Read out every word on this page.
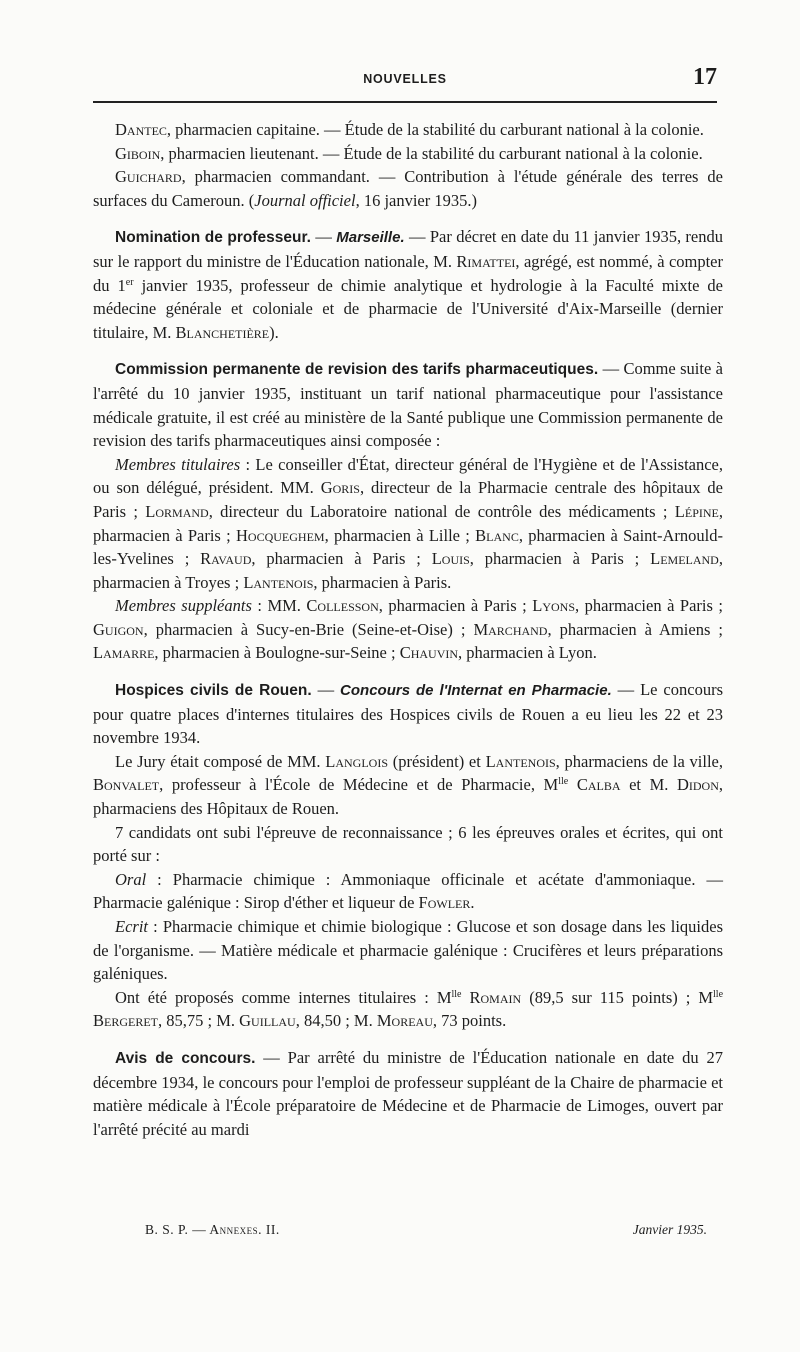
NOUVELLES	17

Dantec, pharmacien capitaine. — Étude de la stabilité du carburant national à la colonie.

Giboin, pharmacien lieutenant. — Étude de la stabilité du carburant national à la colonie.

Guichard, pharmacien commandant. — Contribution à l'étude générale des terres de surfaces du Cameroun. (Journal officiel, 16 janvier 1935.)

Nomination de professeur. — Marseille. — Par décret en date du 11 janvier 1935, rendu sur le rapport du ministre de l'Éducation nationale, M. Rimattei, agrégé, est nommé, à compter du 1er janvier 1935, professeur de chimie analytique et hydrologie à la Faculté mixte de médecine générale et coloniale et de pharmacie de l'Université d'Aix-Marseille (dernier titulaire, M. Blanchetière).

Commission permanente de revision des tarifs pharmaceutiques. — Comme suite à l'arrêté du 10 janvier 1935, instituant un tarif national pharmaceutique pour l'assistance médicale gratuite, il est créé au ministère de la Santé publique une Commission permanente de revision des tarifs pharmaceutiques ainsi composée :

Membres titulaires : Le conseiller d'État, directeur général de l'Hygiène et de l'Assistance, ou son délégué, président. MM. Goris, directeur de la Pharmacie centrale des hôpitaux de Paris ; Lormand, directeur du Laboratoire national de contrôle des médicaments ; Lépine, pharmacien à Paris ; Hocqueghem, pharmacien à Lille ; Blanc, pharmacien à Saint-Arnould-les-Yvelines ; Ravaud, pharmacien à Paris ; Louis, pharmacien à Paris ; Lemeland, pharmacien à Troyes ; Lantenois, pharmacien à Paris.

Membres suppléants : MM. Collesson, pharmacien à Paris ; Lyons, pharmacien à Paris ; Guigon, pharmacien à Sucy-en-Brie (Seine-et-Oise) ; Marchand, pharmacien à Amiens ; Lamarre, pharmacien à Boulogne-sur-Seine ; Chauvin, pharmacien à Lyon.

Hospices civils de Rouen. — Concours de l'Internat en Pharmacie. — Le concours pour quatre places d'internes titulaires des Hospices civils de Rouen a eu lieu les 22 et 23 novembre 1934.

Le Jury était composé de MM. Langlois (président) et Lantenois, pharmaciens de la ville, Bonvalet, professeur à l'École de Médecine et de Pharmacie, $M^{lle}$ Calba et M. Didon, pharmaciens des Hôpitaux de Rouen.

7 candidats ont subi l'épreuve de reconnaissance ; 6 les épreuves orales et écrites, qui ont porté sur :

Oral : Pharmacie chimique : Ammoniaque officinale et acétate d'ammoniaque. — Pharmacie galénique : Sirop d'éther et liqueur de Fowler.

Ecrit : Pharmacie chimique et chimie biologique : Glucose et son dosage dans les liquides de l'organisme. — Matière médicale et pharmacie galénique : Crucifères et leurs préparations galéniques.

Ont été proposés comme internes titulaires : $M^{lle}$ Romain (89,5 sur 115 points) ; $M^{lle}$ Bergeret, 85,75 ; M. Guillau, 84,50 ; M. Moreau, 73 points.

Avis de concours. — Par arrêté du ministre de l'Éducation nationale en date du 27 décembre 1934, le concours pour l'emploi de professeur suppléant de la Chaire de pharmacie et matière médicale à l'École préparatoire de Médecine et de Pharmacie de Limoges, ouvert par l'arrêté précité au mardi

B. S. P. — Annexes. II.	Janvier 1935.
